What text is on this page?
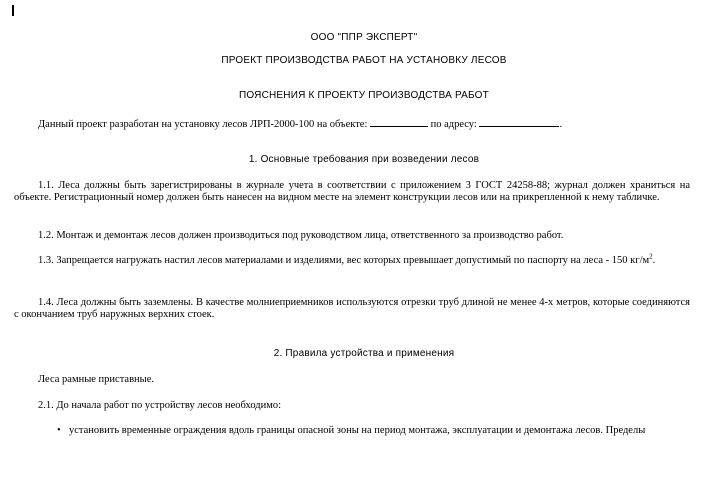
ООО "ППР ЭКСПЕРТ"
ПРОЕКТ ПРОИЗВОДСТВА РАБОТ НА УСТАНОВКУ ЛЕСОВ
ПОЯСНЕНИЯ К ПРОЕКТУ ПРОИЗВОДСТВА РАБОТ
Данный проект разработан на установку лесов ЛРП-2000-100 на объекте:	по адресу:	.
1. Основные требования при возведении лесов
1.1. Леса должны быть зарегистрированы в журнале учета в соответствии с приложением 3 ГОСТ 24258-88; журнал должен храниться на объекте. Регистрационный номер должен быть нанесен на видном месте на элемент конструкции лесов или на прикрепленной к нему табличке.
1.2. Монтаж и демонтаж лесов должен производиться под руководством лица, ответственного за производство работ.
1.3. Запрещается нагружать настил лесов материалами и изделиями, вес которых превышает допустимый по паспорту на леса - 150 $кг/м^2$.
1.4. Леса должны быть заземлены. В качестве молниеприемников используются отрезки труб длиной не менее 4-х метров, которые соединяются с окончанием труб наружных верхних стоек.
2. Правила устройства и применения
Леса рамные приставные.
2.1. До начала работ по устройству лесов необходимо:
• установить временные ограждения вдоль границы опасной зоны на период монтажа, эксплуатации и демонтажа лесов. Пределы
